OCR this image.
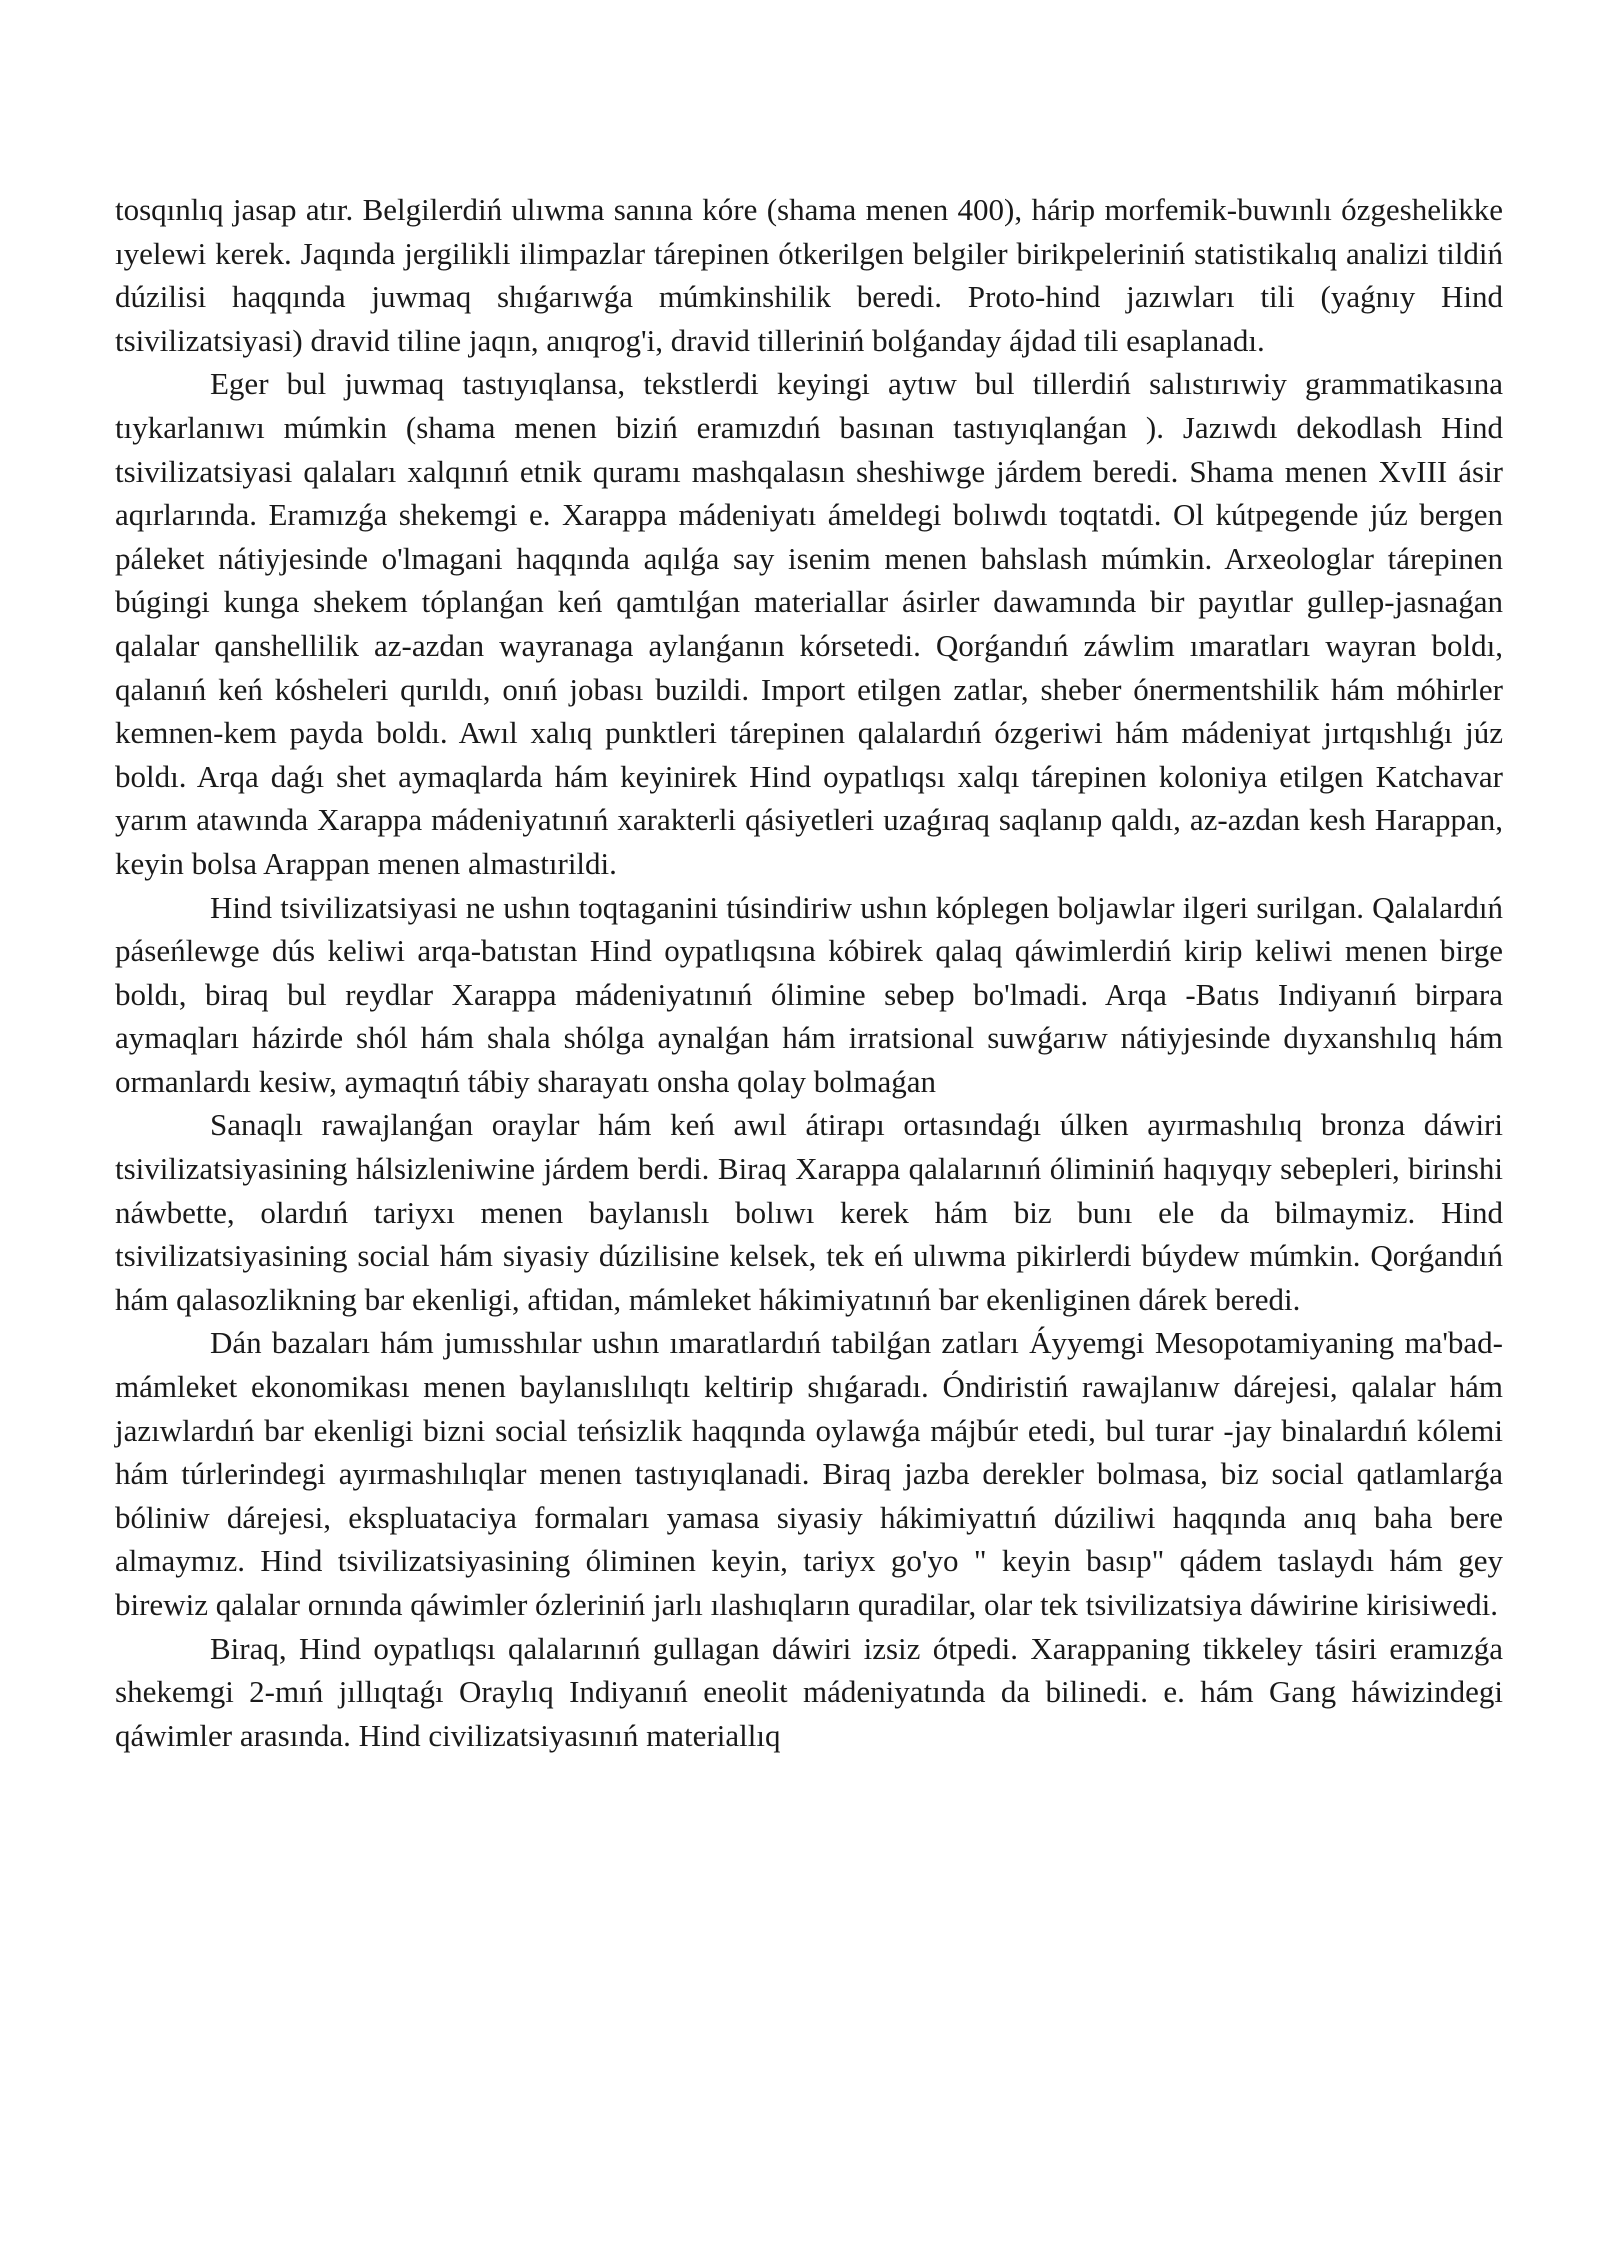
tosqınlıq jasap atır. Belgilerdiń ulıwma sanına kóre (shama menen 400), hárip morfemik-buwınlı ózgeshelikke ıyelewi kerek. Jaqında jergilikli ilimpazlar tárepinen ótkerilgen belgiler birikpeleriniń statistikalıq analizi tildiń dúzilisi haqqında juwmaq shıǵarıwǵa múmkinshilik beredi. Proto-hind jazıwları tili (yaǵnıy Hind tsivilizatsiyasi) dravid tiline jaqın, anıqrog'i, dravid tilleriniń bolǵanday ájdad tili esaplanadı.

Eger bul juwmaq tastıyıqlansa, tekstlerdi keyingi aytıw bul tillerdiń salıstırıwiy grammatikasına tıykarlanıwı múmkin (shama menen biziń eramızdıń basınan tastıyıqlanǵan ). Jazıwdı dekodlash Hind tsivilizatsiyasi qalaları xalqınıń etnik quramı mashqalasın sheshiwge járdem beredi. Shama menen XvIII ásir aqırlarında. Eramızǵa shekemgi e. Xarappa mádeniyatı ámeldegi bolıwdı toqtatdi. Ol kútpegende júz bergen páleket nátiyjesinde o'lmagani haqqında aqılǵa say isenim menen bahslash múmkin. Arxeologlar tárepinen búgingi kunga shekem tóplanǵan keń qamtılǵan materiallar ásirler dawamında bir payıtlar gullep-jasnaǵan qalalar qanshellilik az-azdan wayranaga aylanǵanın kórsetedi. Qorǵandıń záwlim ımaratları wayran boldı, qalanıń keń kósheleri qurıldı, onıń jobası buzildi. Import etilgen zatlar, sheber ónermentshilik hám móhirler kemnen-kem payda boldı. Awıl xalıq punktleri tárepinen qalalardıń ózgeriwi hám mádeniyat jırtqıshlıǵı júz boldı. Arqa daǵı shet aymaqlarda hám keyinirek Hind oypatlıqsı xalqı tárepinen koloniya etilgen Katchavar yarım atawında Xarappa mádeniyatınıń xarakterli qásiyetleri uzaǵıraq saqlanıp qaldı, az-azdan kesh Harappan, keyin bolsa Arappan menen almastırildi.

Hind tsivilizatsiyasi ne ushın toqtaganini túsindiriw ushın kóplegen boljawlar ilgeri surilgan. Qalalardıń páseńlewge dús keliwi arqa-batıstan Hind oypatlıqsına kóbirek qalaq qáwimlerdiń kirip keliwi menen birge boldı, biraq bul reydlar Xarappa mádeniyatınıń ólimine sebep bo'lmadi. Arqa -Batıs Indiyanıń birpara aymaqları házirde shól hám shala shólga aynalǵan hám irratsional suwǵarıw nátiyjesinde dıyxanshılıq hám ormanlardı kesiw, aymaqtıń tábiy sharayatı onsha qolay bolmaǵan

Sanaqlı rawajlanǵan oraylar hám keń awıl átirapı ortasındaǵı úlken ayırmashılıq bronza dáwiri tsivilizatsiyasining hálsizleniwine járdem berdi. Biraq Xarappa qalalarınıń óliminiń haqıyqıy sebepleri, birinshi náwbette, olardıń tariyxı menen baylanıslı bolıwı kerek hám biz bunı ele da bilmaymiz. Hind tsivilizatsiyasining social hám siyasiy dúzilisine kelsek, tek eń ulıwma pikirlerdi búydew múmkin. Qorǵandıń hám qalasozlikning bar ekenligi, aftidan, mámleket hákimiyatınıń bar ekenliginen dárek beredi.

Dán bazaları hám jumısshılar ushın ımaratlardıń tabilǵan zatları Áyyemgi Mesopotamiyaning ma'bad-mámleket ekonomikası menen baylanıslılıqtı keltirip shıǵaradı. Óndiristiń rawajlanıw dárejesi, qalalar hám jazıwlardıń bar ekenligi bizni social teńsizlik haqqında oylawǵa májbúr etedi, bul turar -jay binalardıń kólemi hám túrlerindegi ayırmashılıqlar menen tastıyıqlanadi. Biraq jazba derekler bolmasa, biz social qatlamlarǵa bóliniw dárejesi, ekspluataciya formaları yamasa siyasiy hákimiyattıń dúziliwi haqqında anıq baha bere almaymız. Hind tsivilizatsiyasining óliminen keyin, tariyx go'yo " keyin basıp" qádem taslaydı hám gey birewiz qalalar ornında qáwimler ózleriniń jarlı ılashıqların quradilar, olar tek tsivilizatsiya dáwirine kirisiwedi.

Biraq, Hind oypatlıqsı qalalarınıń gullagan dáwiri izsiz ótpedi. Xarappaning tikkeley tásiri eramızǵa shekemgi 2-mıń jıllıqtaǵı Oraylıq Indiyanıń eneolit mádeniyatında da bilinedi. e. hám Gang háwizindegi qáwimler arasında. Hind civilizatsiyasınıń materiallıq
